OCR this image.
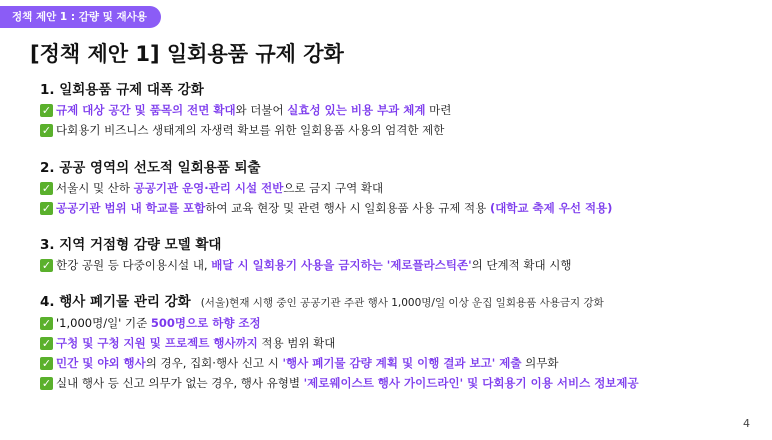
정책 제안 1 : 감량 및 재사용
[정책 제안 1] 일회용품 규제 강화
1. 일회용품 규제 대폭 강화
✓ 규제 대상 공간 및 품목의 전면 확대와 더불어 실효성 있는 비용 부과 체계 마련
✓ 다회용기 비즈니스 생태계의 자생력 확보를 위한 일회용품 사용의 엄격한 제한
2. 공공 영역의 선도적 일회용품 퇴출
✓ 서울시 및 산하 공공기관 운영·관리 시설 전반으로 금지 구역 확대
✓ 공공기관 범위 내 학교를 포함하여 교육 현장 및 관련 행사 시 일회용품 사용 규제 적용 (대학교 축제 우선 적용)
3. 지역 거점형 감량 모델 확대
✓ 한강 공원 등 다중이용시설 내, 배달 시 일회용기 사용을 금지하는 '제로플라스틱존'의 단계적 확대 시행
4. 행사 폐기물 관리 강화 (서울)현재 시행 중인 공공기관 주관 행사 1,000명/일 이상 운집 일회용품 사용금지 강화
✓ '1,000명/일' 기준 500명으로 하향 조정
✓ 구청 및 구청 지원 및 프로젝트 행사까지 적용 범위 확대
✓ 민간 및 야외 행사의 경우, 집회·행사 신고 시 '행사 폐기물 감량 계획 및 이행 결과 보고' 제출 의무화
✓ 실내 행사 등 신고 의무가 없는 경우, 행사 유형별 '제로웨이스트 행사 가이드라인' 및 다회용기 이용 서비스 정보제공
4
